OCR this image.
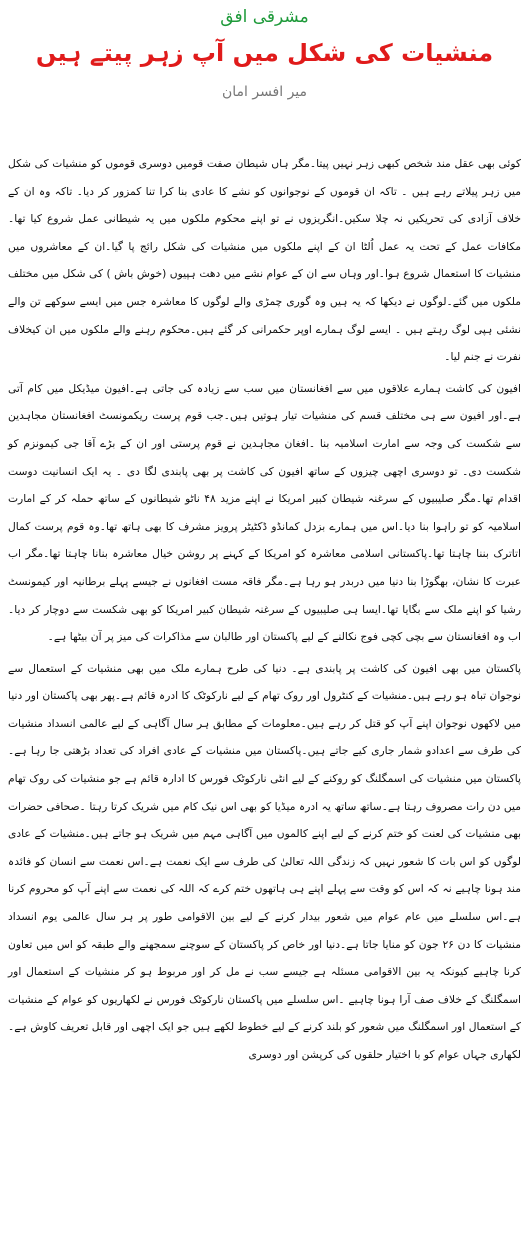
مشرقی افق
منشیات کی شکل میں آپ زہر پیتے ہیں
میر افسر امان

کوئی بھی عقل مند شخص کبھی زہر نہیں پیتا۔مگر ہاں شیطان صفت قومیں دوسری قوموں کو منشیات کی شکل میں زہر پیلاتے رہے ہیں ۔ تاکہ ان قوموں کے نوجوانوں کو نشے کا عادی بنا کرا تنا کمزور کر دیا۔ تاکہ وہ ان کے خلاف آزادی کی تحریکیں نہ چلا سکیں۔انگریزوں نے تو اپنے محکوم ملکوں میں یہ شیطانی عمل شروع کیا تھا۔مکافات عمل کے تحت یہ عمل اُلٹا ان کے اپنے ملکوں میں منشیات کی شکل رائج پا گیا۔ان کے معاشروں میں منشیات کا استعمال شروع ہوا۔اور وہاں سے ان کے عوام نشے میں دھت ہپیوں (خوش باش ) کی شکل میں مختلف ملکوں میں گئے۔لوگوں نے دیکھا کہ یہ ہیں وہ گوری چمڑی والے لوگوں کا معاشرہ جس میں ایسے سوکھے تن والے نشئی ہپی لوگ رہتے ہیں ۔ ایسے لوگ ہمارے اوپر حکمرانی کر گئے ہیں۔محکوم رہنے والے ملکوں میں ان کیخلاف نفرت نے جنم لیا۔

افیون کی کاشت ہمارے علاقوں میں سے افغانستان میں سب سے زیادہ کی جاتی ہے۔افیون میڈیکل میں کام آتی ہے۔اور افیون سے ہی مختلف قسم کی منشیات تیار ہوتیں ہیں۔جب قوم پرست ریکمونسٹ افغانستان مجاہدین سے شکست کی وجہ سے امارت اسلامیہ بنا ۔افغان مجاہدین نے قوم پرستی اور ان کے بڑے آقا جی کیمونزم کو شکست دی۔ تو دوسری اچھی چیزوں کے ساتھ افیون کی کاشت پر بھی پابندی لگا دی ۔ یہ ایک انسانیت دوست اقدام تھا۔مگر صلیبیوں کے سرغنہ شیطان کبیر امریکا نے اپنے مزید ۴۸ ناٹو شیطانوں کے ساتھ حملہ کر کے امارت اسلامیہ کو تو راہوا بنا دیا۔اس میں ہمارے بزدل کمانڈو ڈکٹیٹر پرویز مشرف کا بھی ہاتھ تھا۔وہ قوم پرست کمال اتاترک بننا چاہتا تھا۔پاکستانی اسلامی معاشرہ کو امریکا کے کہنے پر روشن خیال معاشرہ بنانا چاہتا تھا۔مگر اب عبرت کا نشان، بھگوڑا بنا دنیا میں دربدر ہو رہا ہے۔مگر فاقہ مست افغانوں نے جیسے پہلے برطانیہ اور کیمونسٹ رشیا کو اپنے ملک سے بگایا تھا۔ایسا ہی صلیبیوں کے سرغنہ شیطان کبیر امریکا کو بھی شکست سے دوچار کر دیا۔اب وہ افغانستان سے بچی کچی فوج نکالنے کے لیے پاکستان اور طالبان سے مذاکرات کی میز پر آن بیٹھا ہے۔

پاکستان میں بھی افیون کی کاشت پر پابندی ہے۔ دنیا کی طرح ہمارے ملک میں بھی منشیات کے استعمال سے نوجوان تباہ ہو رہے ہیں۔منشیات کے کنٹرول اور روک تھام کے لیے نارکوٹک کا ادرہ قائم ہے۔پھر بھی پاکستان اور دنیا میں لاکھوں نوجوان اپنے آپ کو قتل کر رہے ہیں۔معلومات کے مطابق ہر سال آگاہی کے لیے عالمی انسداد منشیات کی طرف سے اعدادو شمار جاری کیے جاتے ہیں۔پاکستان میں منشیات کے عادی افراد کی تعداد بڑھتی جا رہا ہے۔ پاکستان میں منشیات کی اسمگلنگ کو روکنے کے لیے انٹی نارکوٹک فورس کا ادارہ قائم ہے جو منشیات کی روک تھام میں دن رات مصروف رہتا ہے۔ساتھ ساتھ یہ ادرہ میڈیا کو بھی اس نیک کام میں شریک کرتا رہتا ۔صحافی حضرات بھی منشیات کی لعنت کو ختم کرنے کے لیے اپنے کالموں میں آگاہی مہم میں شریک ہو جاتے ہیں۔منشیات کے عادی لوگوں کو اس بات کا شعور نہیں کہ زندگی اللہ تعالیٰ کی طرف سے ایک نعمت ہے۔اس نعمت سے انسان کو فائدہ مند ہونا چاہیے نہ کہ اس کو وقت سے پہلے اپنے ہی ہاتھوں ختم کرے کہ اللہ کی نعمت سے اپنے آپ کو محروم کرنا ہے۔اس سلسلے میں عام عوام میں شعور بیدار کرنے کے لیے بین الاقوامی طور پر ہر سال عالمی یوم انسداد منشیات کا دن ۲۶ جون کو منایا جاتا ہے۔دنیا اور خاص کر پاکستان کے سوچنے سمجھنے والے طبقہ کو اس میں تعاون کرنا چاہیے کیونکہ یہ بین الاقوامی مسئلہ ہے جیسے سب نے مل کر اور مربوط ہو کر منشیات کے استعمال اور اسمگلنگ کے خلاف صف آرا ہونا چاہیے ۔اس سلسلے میں پاکستان نارکوٹک فورس نے لکھاریوں کو عوام کے منشیات کے استعمال اور اسمگلنگ میں شعور کو بلند کرنے کے لیے خطوط لکھے ہیں جو ایک اچھی اور قابل تعریف کاوش ہے۔لکھاری جہاں عوام کو با اختیار حلقوں کی کرپشن اور دوسری
